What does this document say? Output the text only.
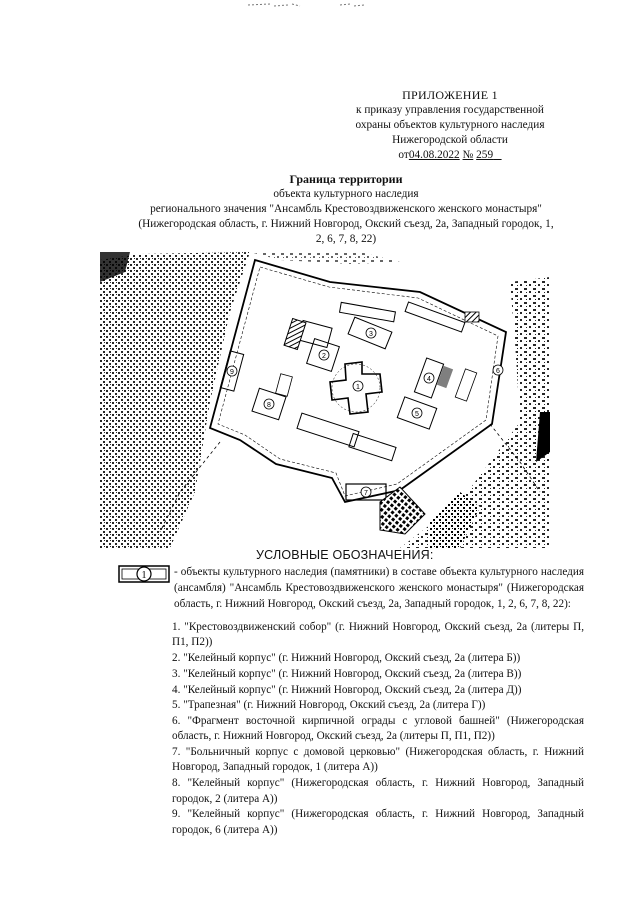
ПРИЛОЖЕНИЕ 1
к приказу управления государственной
охраны объектов культурного наследия
Нижегородской области
от04.08.2022 № 259
Граница территории
объекта культурного наследия
регионального значения "Ансамбль Крестовоздвиженского женского монастыря"
(Нижегородская область, г. Нижний Новгород, Окский съезд, 2а, Западный городок, 1,
2, 6, 7, 8, 22)
1
2
3
4
5
6
7
8
9
УСЛОВНЫЕ ОБОЗНАЧЕНИЯ:
1 - объекты культурного наследия (памятники) в составе объекта культурного наследия (ансамбля) "Ансамбль Крестовоздвиженского женского монастыря" (Нижегородская область, г. Нижний Новгород, Окский съезд, 2а, Западный городок, 1, 2, 6, 7, 8, 22):
1. "Крестовоздвиженский собор" (г. Нижний Новгород, Окский съезд, 2а (литеры П, П1, П2))
2. "Келейный корпус" (г. Нижний Новгород, Окский съезд, 2а (литера Б))
3. "Келейный корпус" (г. Нижний Новгород, Окский съезд, 2а (литера В))
4. "Келейный корпус" (г. Нижний Новгород, Окский съезд, 2а (литера Д))
5. "Трапезная" (г. Нижний Новгород, Окский съезд, 2а (литера Г))
6. "Фрагмент восточной кирпичной ограды с угловой башней" (Нижегородская область, г. Нижний Новгород, Окский съезд, 2а (литеры П, П1, П2))
7. "Больничный корпус с домовой церковью" (Нижегородская область, г. Нижний Новгород, Западный городок, 1 (литера А))
8. "Келейный корпус" (Нижегородская область, г. Нижний Новгород, Западный городок, 2 (литера А))
9. "Келейный корпус" (Нижегородская область, г. Нижний Новгород, Западный городок, 6 (литера А))
